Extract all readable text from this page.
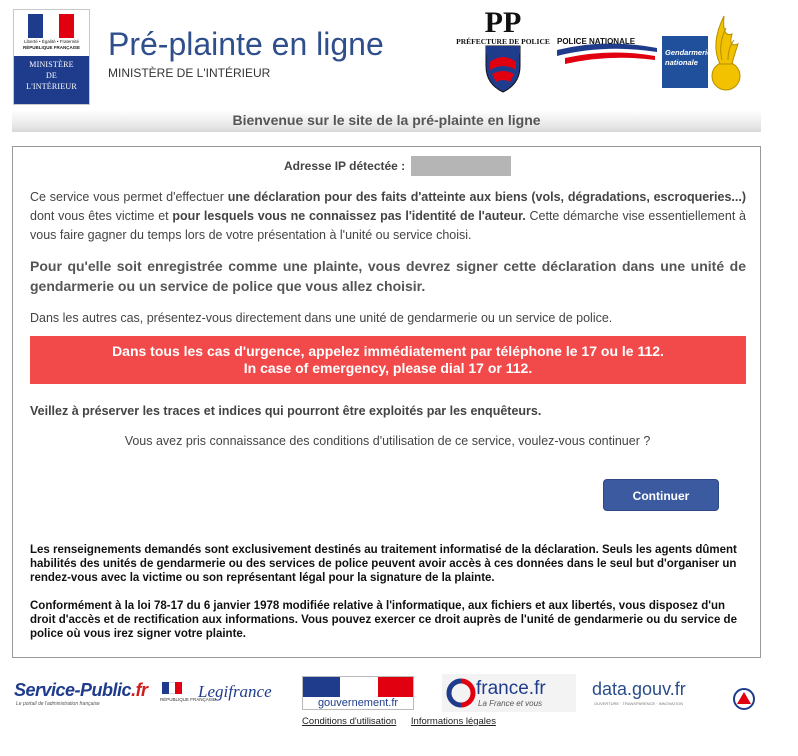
Liberté • Égalité • Fraternité
RÉPUBLIQUE FRANÇAISE
MINISTÈRE
DE
L'INTÉRIEUR
Pré-plainte en ligne
MINISTÈRE DE L'INTÉRIEUR
PP
PRÉFECTURE DE POLICE POLICE NATIONALE
Gendarmerie
nationale
Bienvenue sur le site de la pré-plainte en ligne
Adresse IP détectée :
Ce service vous permet d'effectuer une déclaration pour des faits d'atteinte aux biens (vols, dégradations, escroqueries...) dont vous êtes victime et pour lesquels vous ne connaissez pas l'identité de l'auteur. Cette démarche vise essentiellement à vous faire gagner du temps lors de votre présentation à l'unité ou service choisi.
Pour qu'elle soit enregistrée comme une plainte, vous devrez signer cette déclaration dans une unité de gendarmerie ou un service de police que vous allez choisir.
Dans les autres cas, présentez-vous directement dans une unité de gendarmerie ou un service de police.
Dans tous les cas d'urgence, appelez immédiatement par téléphone le 17 ou le 112.
In case of emergency, please dial 17 or 112.
Veillez à préserver les traces et indices qui pourront être exploités par les enquêteurs.
Vous avez pris connaissance des conditions d'utilisation de ce service, voulez-vous continuer ?
Continuer
Les renseignements demandés sont exclusivement destinés au traitement informatisé de la déclaration. Seuls les agents dûment habilités des unités de gendarmerie ou des services de police peuvent avoir accès à ces données dans le seul but d'organiser un rendez-vous avec la victime ou son représentant légal pour la signature de la plainte.
Conformément à la loi 78-17 du 6 janvier 1978 modifiée relative à l'informatique, aux fichiers et aux libertés, vous disposez d'un droit d'accès et de rectification aux informations. Vous pouvez exercer ce droit auprès de l'unité de gendarmerie ou du service de police où vous irez signer votre plainte.
Service-Public.fr
Le portail de l'administration française
Legifrance
RÉPUBLIQUE FRANÇAISE	gouvernement.fr
france.fr
La France et vous
data.gouv.fr
OUVERTURE · TRANSPARENCE · INNOVATION
Conditions d'utilisation Informations légales
